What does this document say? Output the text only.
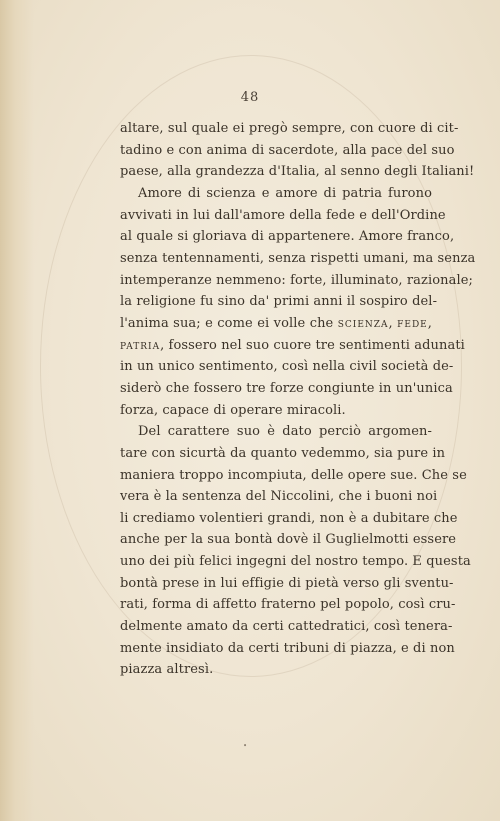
48
altare, sul quale ei pregò sempre, con cuore di cit-
tadino e con anima di sacerdote, alla pace del suo
paese, alla grandezza d'Italia, al senno degli Italiani!
Amore di scienza e amore di patria furono
avvivati in lui dall'amore della fede e dell'Ordine
al quale si gloriava di appartenere. Amore franco,
senza tentennamenti, senza rispetti umani, ma senza
intemperanze nemmeno: forte, illuminato, razionale;
la religione fu sino da' primi anni il sospiro del-
l'anima sua; e come ei volle che scienza, fede,
patria, fossero nel suo cuore tre sentimenti adunati
in un unico sentimento, così nella civil società de-
siderò che fossero tre forze congiunte in un'unica
forza, capace di operare miracoli.
Del carattere suo è dato perciò argomen-
tare con sicurtà da quanto vedemmo, sia pure in
maniera troppo incompiuta, delle opere sue. Che se
vera è la sentenza del Niccolini, che i buoni noi
li crediamo volentieri grandi, non è a dubitare che
anche per la sua bontà dovè il Guglielmotti essere
uno dei più felici ingegni del nostro tempo. E questa
bontà prese in lui effigie di pietà verso gli sventu-
rati, forma di affetto fraterno pel popolo, così cru-
delmente amato da certi cattedratici, così tenera-
mente insidiato da certi tribuni di piazza, e di non
piazza altresì.
•
